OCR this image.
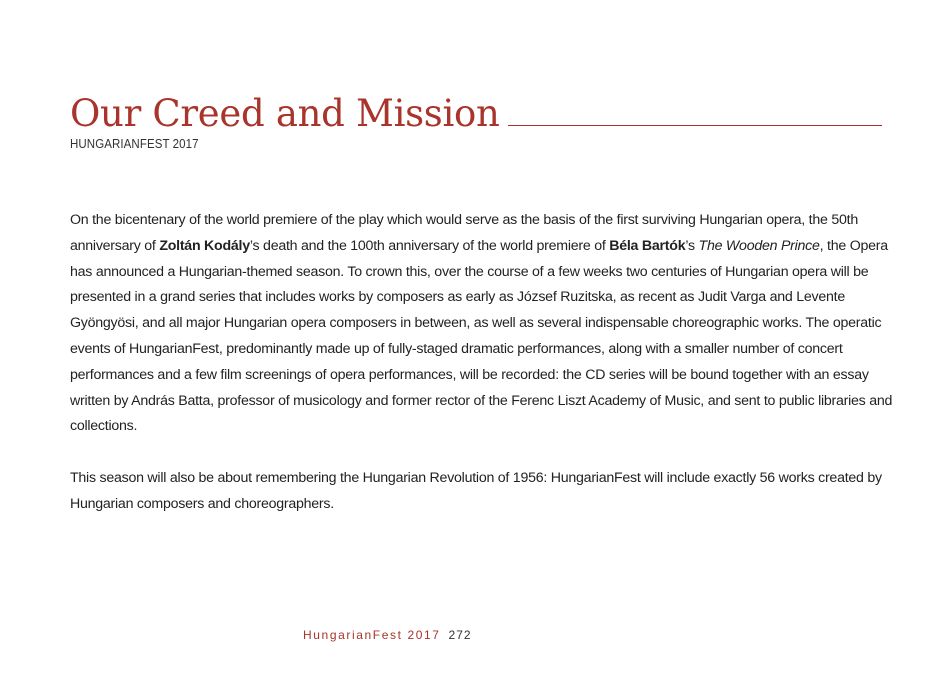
Our Creed and Mission
HUNGARIANFEST 2017

On the bicentenary of the world premiere of the play which would serve as the basis of the first surviving Hungarian opera, the 50th anniversary of Zoltán Kodály’s death and the 100th anniversary of the world premiere of Béla Bartók’s The Wooden Prince, the Opera has announced a Hungarian-themed season. To crown this, over the course of a few weeks two centuries of Hungarian opera will be presented in a grand series that includes works by composers as early as József Ruzitska, as recent as Judit Varga and Levente Gyöngyösi, and all major Hungarian opera composers in between, as well as several indispensable choreographic works. The operatic events of HungarianFest, predominantly made up of fully-staged dramatic performances, along with a smaller number of concert performances and a few film screenings of opera performances, will be recorded: the CD series will be bound together with an essay written by András Batta, professor of musicology and former rector of the Ferenc Liszt Academy of Music, and sent to public libraries and collections.

This season will also be about remembering the Hungarian Revolution of 1956: HungarianFest will include exactly 56 works created by Hungarian composers and choreographers.

HungarianFest 2017 272
